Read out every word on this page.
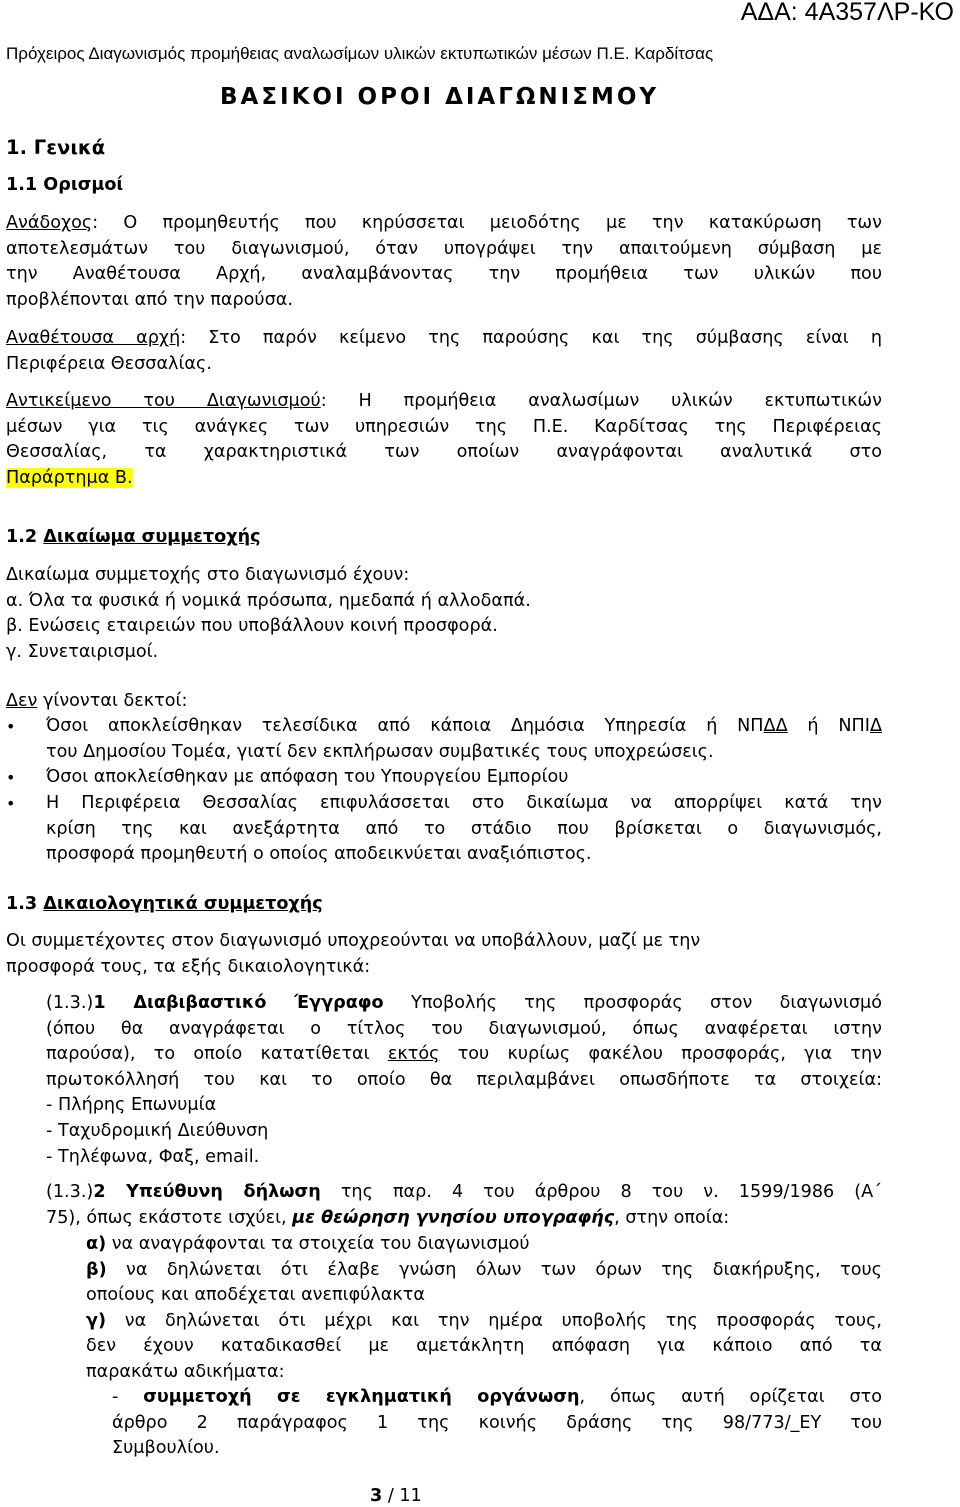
ΑΔΑ: 4Α357ΛΡ-ΚΟ
Πρόχειρος Διαγωνισμός προμήθειας αναλωσίμων υλικών εκτυπωτικών μέσων Π.Ε. Καρδίτσας
ΒΑΣΙΚΟΙ ΟΡΟΙ ΔΙΑΓΩΝΙΣΜΟΥ
1. Γενικά
1.1 Ορισμοί
Ανάδοχος: Ο προμηθευτής που κηρύσσεται μειοδότης με την κατακύρωση των
αποτελεσμάτων του διαγωνισμού, όταν υπογράψει την απαιτούμενη σύμβαση με
την Αναθέτουσα Αρχή, αναλαμβάνοντας την προμήθεια των υλικών που
προβλέπονται από την παρούσα.
Αναθέτουσα αρχή: Στο παρόν κείμενο της παρούσης και της σύμβασης είναι η
Περιφέρεια Θεσσαλίας.
Αντικείμενο του Διαγωνισμού: Η προμήθεια αναλωσίμων υλικών εκτυπωτικών
μέσων για τις ανάγκες των υπηρεσιών της Π.Ε. Καρδίτσας της Περιφέρειας
Θεσσαλίας, τα χαρακτηριστικά των οποίων αναγράφονται αναλυτικά στο
Παράρτημα Β.
1.2 Δικαίωμα συμμετοχής
Δικαίωμα συμμετοχής στο διαγωνισμό έχουν:
α. Όλα τα φυσικά ή νομικά πρόσωπα, ημεδαπά ή αλλοδαπά.
β. Ενώσεις εταιρειών που υποβάλλουν κοινή προσφορά.
γ. Συνεταιρισμοί.
Δεν γίνονται δεκτοί:
• Όσοι αποκλείσθηκαν τελεσίδικα από κάποια Δημόσια Υπηρεσία ή ΝΠΔΔ ή ΝΠΙΔ
του Δημοσίου Τομέα, γιατί δεν εκπλήρωσαν συμβατικές τους υποχρεώσεις.
• Όσοι αποκλείσθηκαν με απόφαση του Υπουργείου Εμπορίου
• Η Περιφέρεια Θεσσαλίας επιφυλάσσεται στο δικαίωμα να απορρίψει κατά την
κρίση της και ανεξάρτητα από το στάδιο που βρίσκεται ο διαγωνισμός,
προσφορά προμηθευτή ο οποίος αποδεικνύεται αναξιόπιστος.
1.3 Δικαιολογητικά συμμετοχής
Οι συμμετέχοντες στον διαγωνισμό υποχρεούνται να υποβάλλουν, μαζί με την
προσφορά τους, τα εξής δικαιολογητικά:
(1.3.)1 Διαβιβαστικό Έγγραφο Υποβολής της προσφοράς στον διαγωνισμό
(όπου θα αναγράφεται ο τίτλος του διαγωνισμού, όπως αναφέρεται ιστην
παρούσα), το οποίο κατατίθεται εκτός του κυρίως φακέλου προσφοράς, για την
πρωτοκόλλησή του και το οποίο θα περιλαμβάνει οπωσδήποτε τα στοιχεία:
- Πλήρης Επωνυμία
- Ταχυδρομική Διεύθυνση
- Τηλέφωνα, Φαξ, email.
(1.3.)2 Υπεύθυνη δήλωση της παρ. 4 του άρθρου 8 του ν. 1599/1986 (Α΄
75), όπως εκάστοτε ισχύει, με θεώρηση γνησίου υπογραφής, στην οποία:
α) να αναγράφονται τα στοιχεία του διαγωνισμού
β) να δηλώνεται ότι έλαβε γνώση όλων των όρων της διακήρυξης, τους
οποίους και αποδέχεται ανεπιφύλακτα
γ) να δηλώνεται ότι μέχρι και την ημέρα υποβολής της προσφοράς τους,
δεν έχουν καταδικασθεί με αμετάκλητη απόφαση για κάποιο από τα
παρακάτω αδικήματα:
- συμμετοχή σε εγκληματική οργάνωση, όπως αυτή ορίζεται στο
άρθρο 2 παράγραφος 1 της κοινής δράσης της 98/773/_ΕΥ του
Συμβουλίου.
3 / 11
